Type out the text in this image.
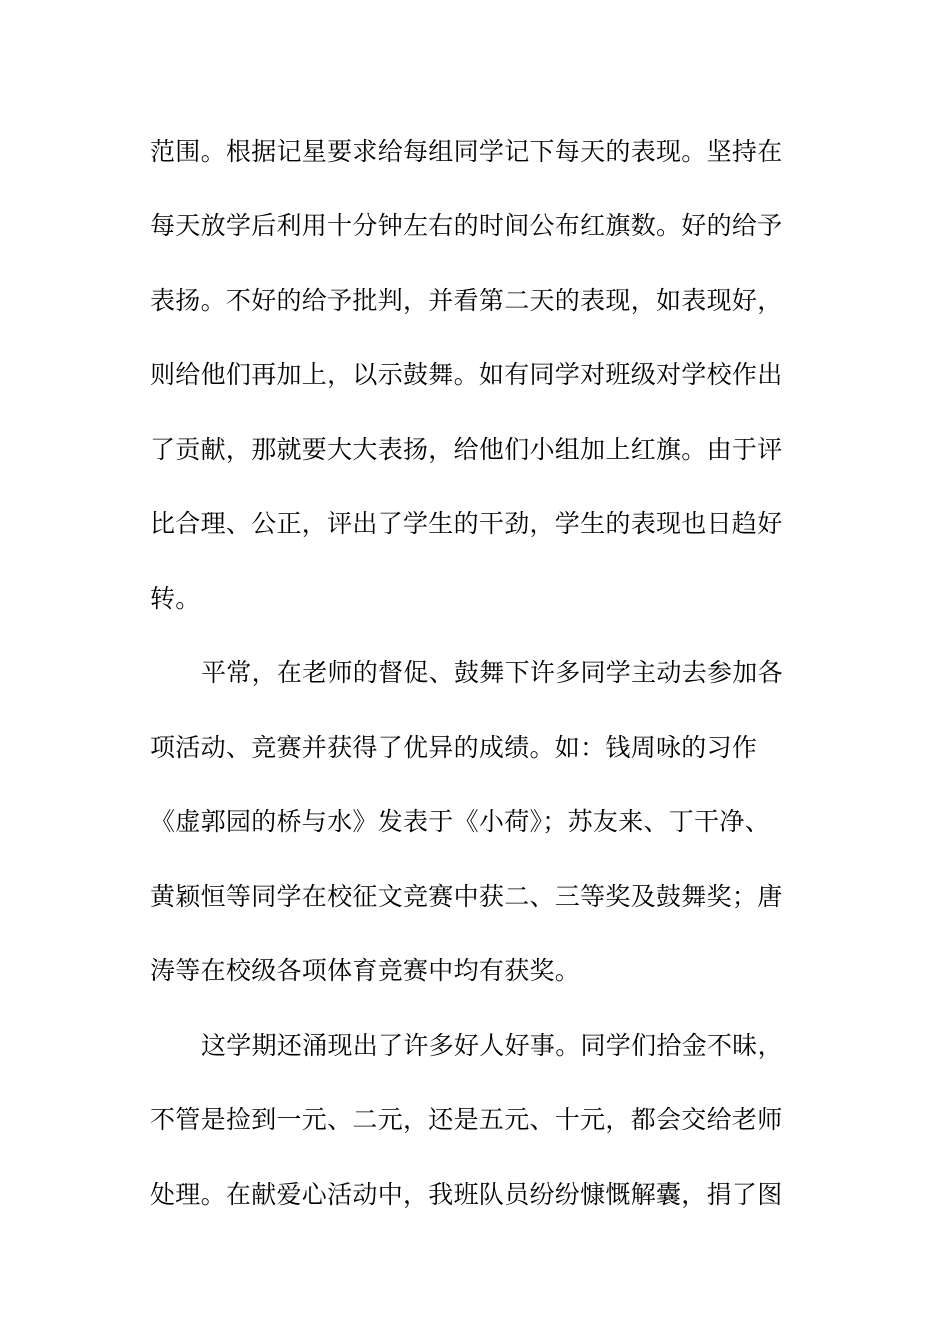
范围。根据记星要求给每组同学记下每天的表现。坚持在
每天放学后利用十分钟左右的时间公布红旗数。好的给予
表扬。不好的给予批判，并看第二天的表现，如表现好，
则给他们再加上，以示鼓舞。如有同学对班级对学校作出
了贡献，那就要大大表扬，给他们小组加上红旗。由于评
比合理、公正，评出了学生的干劲，学生的表现也日趋好
转。
平常，在老师的督促、鼓舞下许多同学主动去参加各
项活动、竞赛并获得了优异的成绩。如：钱周咏的习作
《虚郭园的桥与水》发表于《小荷》；苏友来、丁干净、
黄颖恒等同学在校征文竞赛中获二、三等奖及鼓舞奖；唐
涛等在校级各项体育竞赛中均有获奖。
这学期还涌现出了许多好人好事。同学们拾金不昧，
不管是捡到一元、二元，还是五元、十元，都会交给老师
处理。在献爱心活动中，我班队员纷纷慷慨解囊，捐了图
